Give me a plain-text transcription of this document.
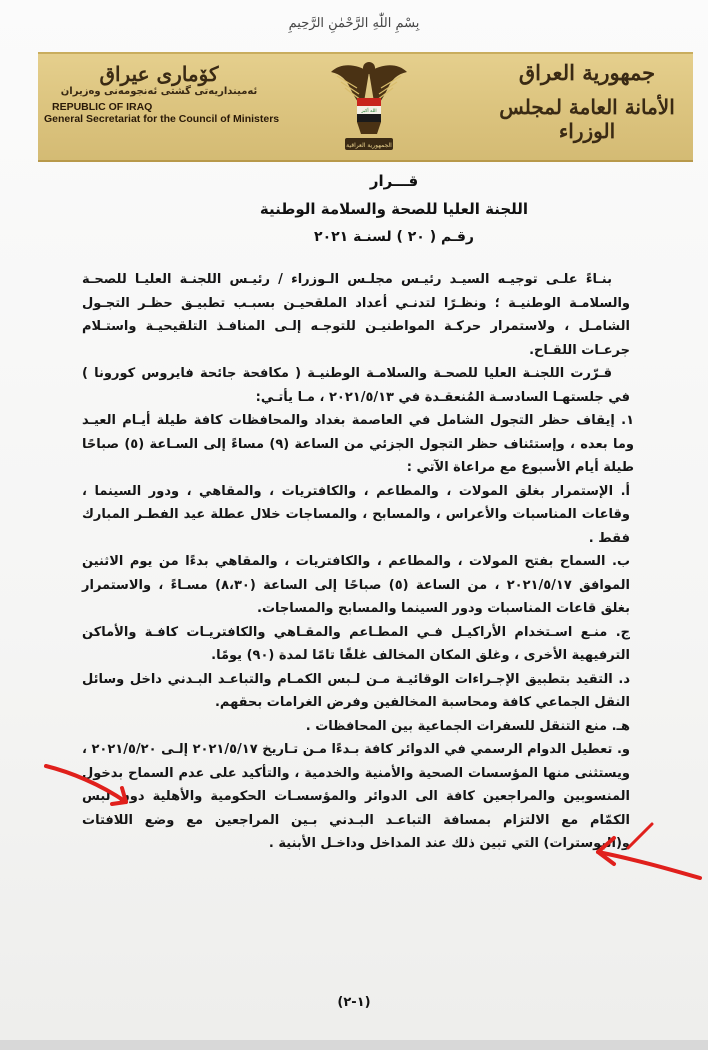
بِسْمِ اللّٰهِ الرَّحْمٰنِ الرَّحِيمِ
کۆماری عیراق
ئه‌مینداریه‌تی گشتی ئه‌نجومه‌نی وه‌زیران
REPUBLIC OF IRAQ
General Secretariat for the Council of Ministers
الله أكبر
الجمهورية العراقية
جمهورية العراق
الأمانة العامة لمجلس الوزراء
قـــرار
اللجنة العليا للصحة والسلامة الوطنية
رقـم ( ٢٠ ) لسنـة ٢٠٢١

بنـاءً علـى توجيـه السيـد رئيـس مجلـس الـوزراء / رئيـس اللجنـة العليـا للصحـة والسلامـة الوطنيـة ؛ ونظـرًا لتدنـي أعداد الملقحيـن بسبـب تطبيـق حظـر التجـول الشامـل ، ولاستمرار حركـة المواطنيـن للتوجـه إلـى المنافـذ التلقيحيـة واستـلام جرعـات اللقـاح.

قـرّرت اللجنـة العليا للصحـة والسلامـة الوطنيـة ( مكافحة جائحة فايروس كورونا ) في جلستهـا السادسـة المُنعقـدة في ٢٠٢١/٥/١٣ ، مـا يأتـي:

١. إيقاف حظر التجول الشامل في العاصمة بغداد والمحافظات كافة طيلة أيـام العيـد وما بعده ، وإستئناف حظر التجول الجزئي من الساعة (٩) مساءً إلى السـاعة (٥) صباحًا طيلة أيام الأسبوع مع مراعاة الآتي :

أ. الإستمرار بغلق المولات ، والمطاعم ، والكافتريات ، والمقاهي ، ودور السينما ، وقاعات المناسبات والأعراس ، والمسابح ، والمساجات خلال عطلة عيد الفطـر المبارك فقط .

ب. السماح بفتح المولات ، والمطاعم ، والكافتريات ، والمقاهي بدءًا من يوم الاثنين الموافق ٢٠٢١/٥/١٧ ، من الساعة (٥) صباحًا إلى الساعة (٨،٣٠) مسـاءً ، والاستمرار بغلق قاعات المناسبات ودور السينما والمسابح والمساجات.

ج. منـع اسـتخدام الأراكيـل فـي المطـاعم والمقـاهي والكافتريـات كافـة والأماكن الترفيهية الأخرى ، وغلق المكان المخالف غلقًا تامًا لمدة (٩٠) يومًا.

د. التقيد بتطبيق الإجـراءات الوقائيـة مـن لـبس الكمـام والتباعـد البـدني داخل وسائل النقل الجماعي كافة ومحاسبة المخالفين وفرض الغرامات بحقهم.

هـ. منع التنقل للسفرات الجماعية بين المحافظات .

و. تعطيل الدوام الرسمي في الدوائر كافة بـدءًا مـن تـاريخ ٢٠٢١/٥/١٧ إلـى ٢٠٢١/٥/٢٠ ، ويستثنى منها المؤسسات الصحية والأمنية والخدمية ، والتأكيد على عدم السماح بدخول المنسوبين والمراجعين كافة الى الدوائر والمؤسسـات الحكومية والأهلية دون لبس الكمّام مع الالتزام بمسافة التباعـد البـدني بـين المراجعين مع وضع اللافتات و(البوسترات) التي تبين ذلك عند المداخل وداخـل الأبنية .

(١-٢)
